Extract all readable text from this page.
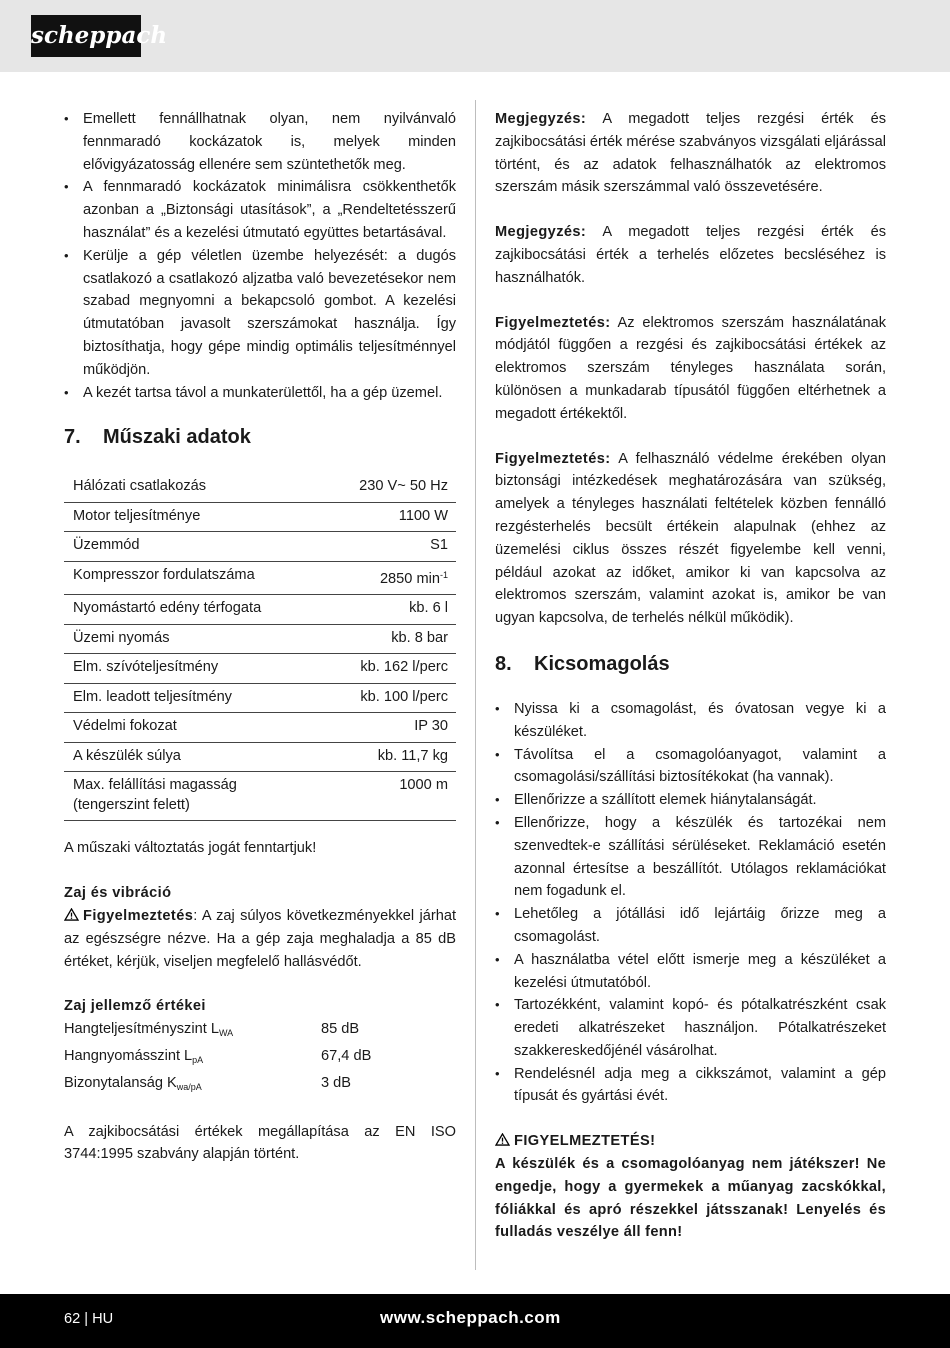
scheppach
• Emellett fennállhatnak olyan, nem nyilvánvaló fennmaradó kockázatok is, melyek minden elővigyázatosság ellenére sem szüntethetők meg.
• A fennmaradó kockázatok minimálisra csökkenthetők azonban a „Biztonsági utasítások”, a „Rendeltetésszerű használat” és a kezelési útmutató együttes betartásával.
• Kerülje a gép véletlen üzembe helyezését: a dugós csatlakozó a csatlakozó aljzatba való bevezetésekor nem szabad megnyomni a bekapcsoló gombot. A kezelési útmutatóban javasolt szerszámokat használja. Így biztosíthatja, hogy gépe mindig optimális teljesítménnyel működjön.
• A kezét tartsa távol a munkaterülettől, ha a gép üzemel.
7.	Műszaki adatok
Hálózati csatlakozás	230 V~ 50 Hz
Motor teljesítménye	1100 W
Üzemmód	S1
Kompresszor fordulatszáma	2850 $\min^{-1}$
Nyomástartó edény térfogata	kb. 6 l
Üzemi nyomás	kb. 8 bar
Elm. szívóteljesítmény	kb. 162 l/perc
Elm. leadott teljesítmény	kb. 100 l/perc
Védelmi fokozat	IP 30
A készülék súlya	kb. 11,7 kg
Max. felállítási magasság (tengerszint felett)	1000 m
A műszaki változtatás jogát fenntartjuk!
Zaj és vibráció
Figyelmeztetés: A zaj súlyos következményekkel járhat az egészségre nézve. Ha a gép zaja meghaladja a 85 dB értéket, kérjük, viseljen megfelelő hallásvédőt.
Zaj jellemző értékei
Hangteljesítményszint $L_{WA}$	85 dB
Hangnyomásszint $L_{pA}$	67,4 dB
Bizonytalanság $K_{wa/pA}$	3 dB
A zajkibocsátási értékek megállapítása az EN ISO 3744:1995 szabvány alapján történt.
Megjegyzés: A megadott teljes rezgési érték és zajkibocsátási érték mérése szabványos vizsgálati eljárással történt, és az adatok felhasználhatók az elektromos szerszám másik szerszámmal való összevetésére.
Megjegyzés: A megadott teljes rezgési érték és zajkibocsátási érték a terhelés előzetes becsléséhez is használhatók.
Figyelmeztetés: Az elektromos szerszám használatának módjától függően a rezgési és zajkibocsátási értékek az elektromos szerszám tényleges használata során, különösen a munkadarab típusától függően eltérhetnek a megadott értékektől.
Figyelmeztetés: A felhasználó védelme érekében olyan biztonsági intézkedések meghatározására van szükség, amelyek a tényleges használati feltételek közben fennálló rezgésterhelés becsült értékein alapulnak (ehhez az üzemelési ciklus összes részét figyelembe kell venni, például azokat az időket, amikor ki van kapcsolva az elektromos szerszám, valamint azokat is, amikor be van ugyan kapcsolva, de terhelés nélkül működik).
8.	Kicsomagolás
• Nyissa ki a csomagolást, és óvatosan vegye ki a készüléket.
• Távolítsa el a csomagolóanyagot, valamint a csomagolási/szállítási biztosítékokat (ha vannak).
• Ellenőrizze a szállított elemek hiánytalanságát.
• Ellenőrizze, hogy a készülék és tartozékai nem szenvedtek-e szállítási sérüléseket. Reklamáció esetén azonnal értesítse a beszállítót. Utólagos reklamációkat nem fogadunk el.
• Lehetőleg a jótállási idő lejártáig őrizze meg a csomagolást.
• A használatba vétel előtt ismerje meg a készüléket a kezelési útmutatóból.
• Tartozékként, valamint kopó- és pótalkatrészként csak eredeti alkatrészeket használjon. Pótalkatrészeket szakkereskedőjénél vásárolhat.
• Rendelésnél adja meg a cikkszámot, valamint a gép típusát és gyártási évét.
FIGYELMEZTETÉS!
A készülék és a csomagolóanyag nem játékszer! Ne engedje, hogy a gyermekek a műanyag zacskókkal, fóliákkal és apró részekkel játsszanak! Lenyelés és fulladás veszélye áll fenn!
62 | HU	www.scheppach.com
